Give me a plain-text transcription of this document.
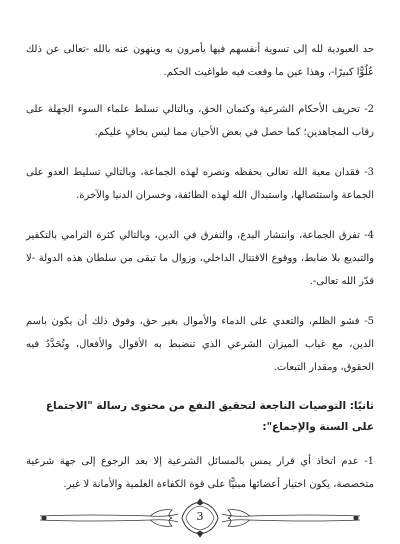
حد العبودية لله إلى تسوية أنفسهم فيها يأمرون به وينهون عنه بالله -تعالى عن ذلك عُلُوًّا كبيرًا-، وهذا عين ما وقعت فيه طواغيت الحكم.

2- تحريف الأحكام الشرعية وكتمان الحق، وبالتالي تسلط علماء السوء الجهلة على رقاب المجاهدين؛ كما حصل في بعض الأحيان مما ليس بخافٍ عليكم.

3- فقدان معية الله تعالى بحفظه ونصره لهذه الجماعة، وبالتالي تسليط العدو على الجماعة واستئصالها، واستبدال الله لهذه الطائفة، وخسران الدنيا والآخرة.

4- تفرق الجماعة، وانتشار البدع، والتفرق في الدين، وبالتالي كثرة الترامي بالتكفير والتبديع بلا ضابط، ووقوع الاقتتال الداخلي، وزوال ما تبقى من سلطان هذه الدولة -لا قدّر الله تعالى-.

5- فشو الظلم، والتعدي على الدماء والأموال بغير حق، وفوق ذلك أن يكون باسم الدين، مع غياب الميزان الشرعي الذي تنضبط به الأقوال والأفعال، وتُحَدَّدُ فيه الحقوق، ومقدار التبعات.

ثانيًا: التوصيات الناجعة لتحقيق النفع من محتوى رسالة "الاجتماع على السنة والإجماع":

1- عدم اتخاذ أي قرار يمس بالمسائل الشرعية إلا بعد الرجوع إلى جهة شرعية متخصصة، يكون اختيار أعضائها مبنيًّا على قوة الكفاءة العلمية والأمانة لا غير.

3
